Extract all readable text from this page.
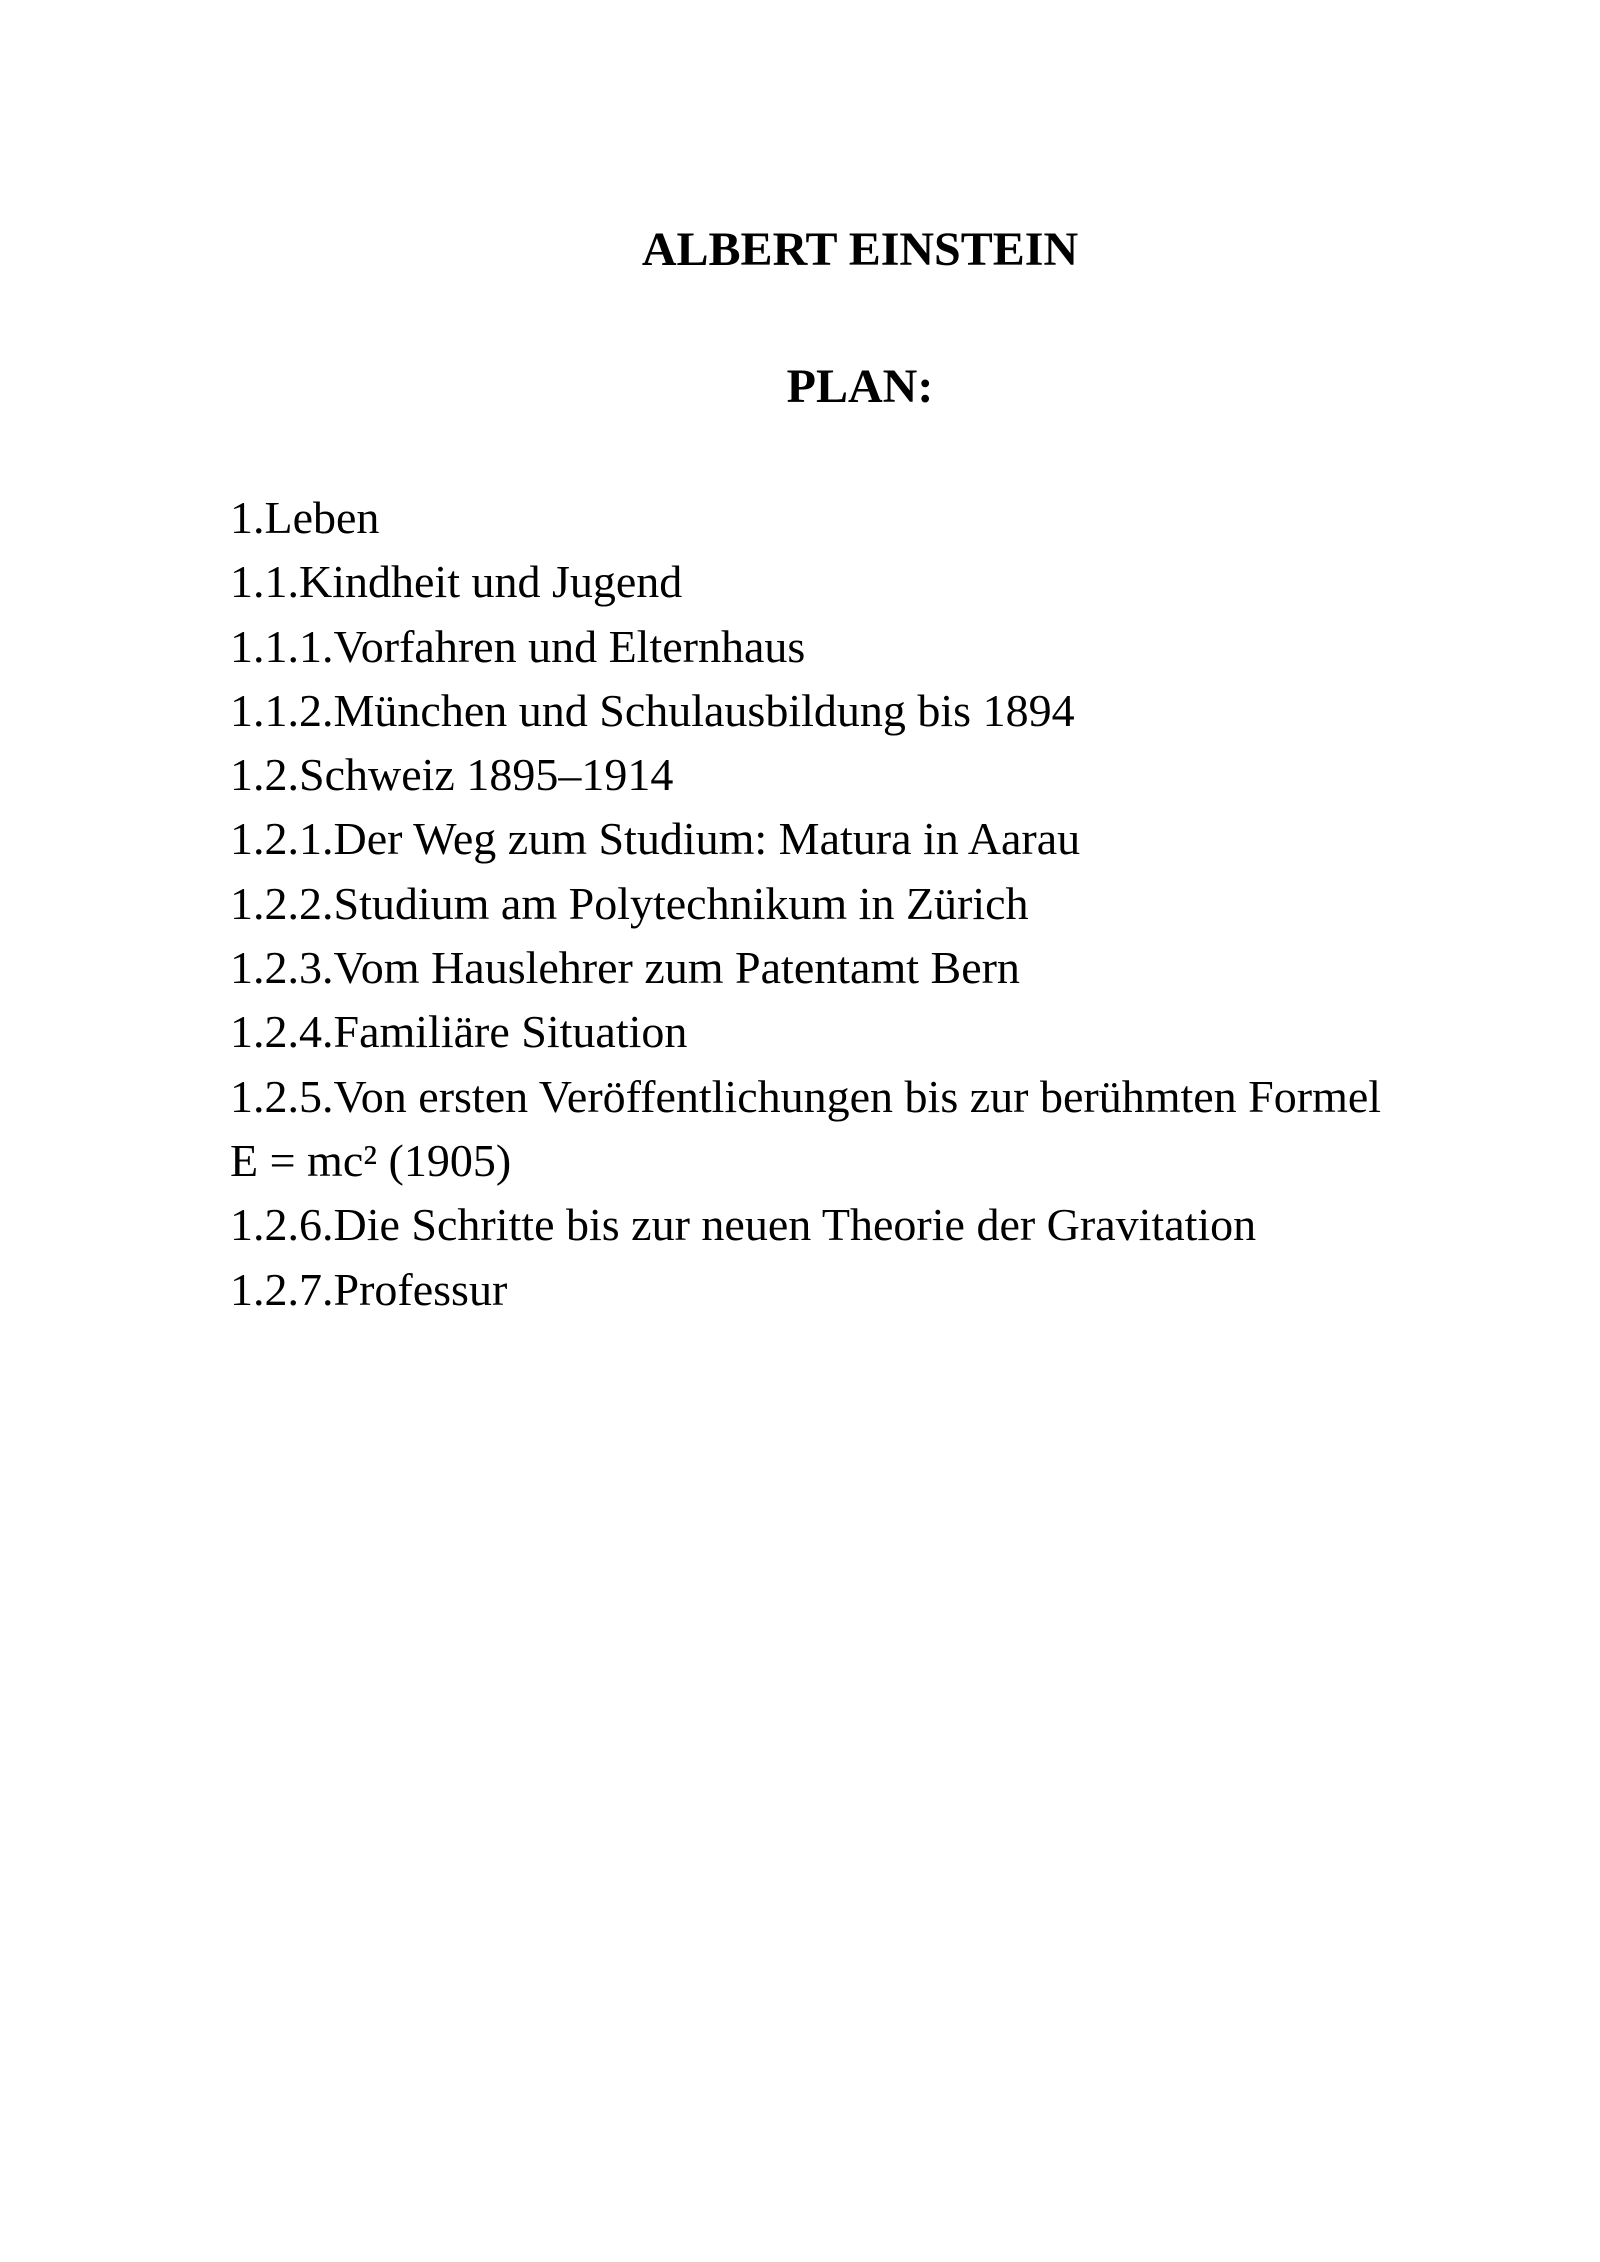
ALBERT EINSTEIN
PLAN:
1.Leben
1.1.Kindheit und Jugend
1.1.1.Vorfahren und Elternhaus
1.1.2.München und Schulausbildung bis 1894
1.2.Schweiz 1895–1914
1.2.1.Der Weg zum Studium: Matura in Aarau
1.2.2.Studium am Polytechnikum in Zürich
1.2.3.Vom Hauslehrer zum Patentamt Bern
1.2.4.Familiäre Situation
1.2.5.Von ersten Veröffentlichungen bis zur berühmten Formel
E = mc² (1905)
1.2.6.Die Schritte bis zur neuen Theorie der Gravitation
1.2.7.Professur
